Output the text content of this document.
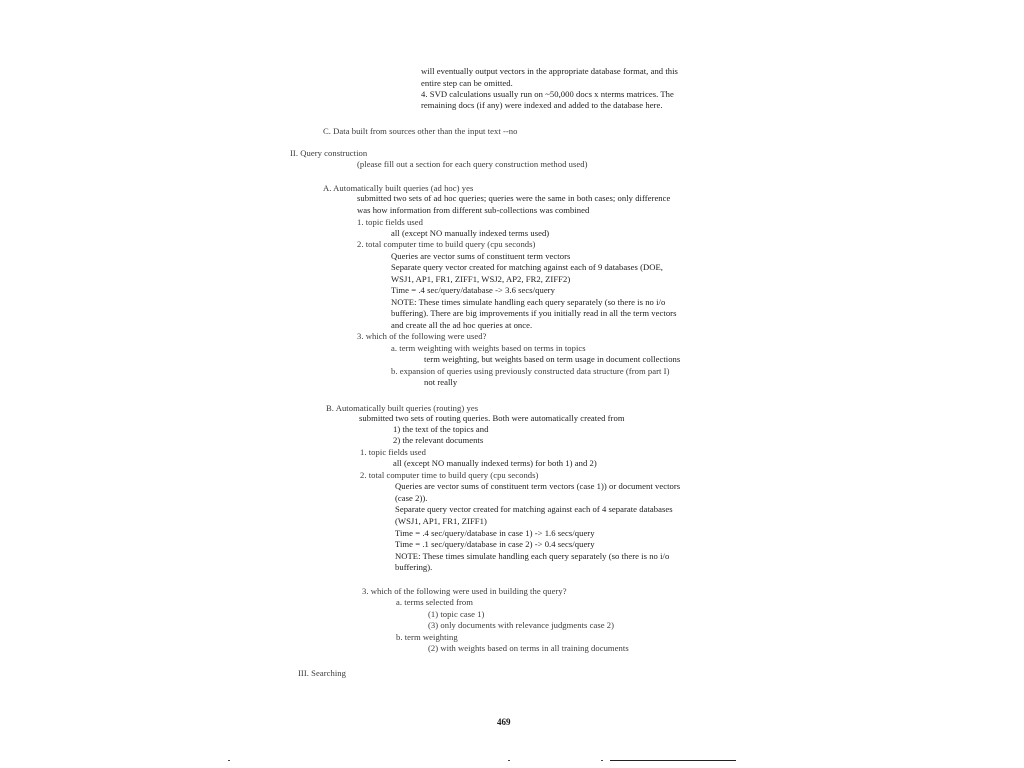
will eventually output vectors in the appropriate database format, and this
entire step can be omitted.
4. SVD calculations usually run on ~50,000 docs x nterms matrices. The
remaining docs (if any) were indexed and added to the database here.
C. Data built from sources other than the input text --no
II. Query construction
(please fill out a section for each query construction method used)
A. Automatically built queries (ad hoc) yes
submitted two sets of ad hoc queries; queries were the same in both cases; only difference
was how information from different sub-collections was combined
1. topic fields used
all (except NO manually indexed terms used)
2. total computer time to build query (cpu seconds)
Queries are vector sums of constituent term vectors
Separate query vector created for matching against each of 9 databases (DOE,
WSJ1, AP1, FR1, ZIFF1, WSJ2, AP2, FR2, ZIFF2)
Time = .4 sec/query/database -> 3.6 secs/query
NOTE: These times simulate handling each query separately (so there is no i/o
buffering). There are big improvements if you initially read in all the term vectors
and create all the ad hoc queries at once.
3. which of the following were used?
a. term weighting with weights based on terms in topics
term weighting, but weights based on term usage in document collections
b. expansion of queries using previously constructed data structure (from part I)
not really
B. Automatically built queries (routing) yes
submitted two sets of routing queries. Both were automatically created from
1) the text of the topics and
2) the relevant documents
1. topic fields used
all (except NO manually indexed terms) for both 1) and 2)
2. total computer time to build query (cpu seconds)
Queries are vector sums of constituent term vectors (case 1)) or document vectors
(case 2)).
Separate query vector created for matching against each of 4 separate databases
(WSJ1, AP1, FR1, ZIFF1)
Time = .4 sec/query/database in case 1) -> 1.6 secs/query
Time = .1 sec/query/database in case 2) -> 0.4 secs/query
NOTE: These times simulate handling each query separately (so there is no i/o
buffering).
3. which of the following were used in building the query?
a. terms selected from
(1) topic case 1)
(3) only documents with relevance judgments case 2)
b. term weighting
(2) with weights based on terms in all training documents
III. Searching
469
